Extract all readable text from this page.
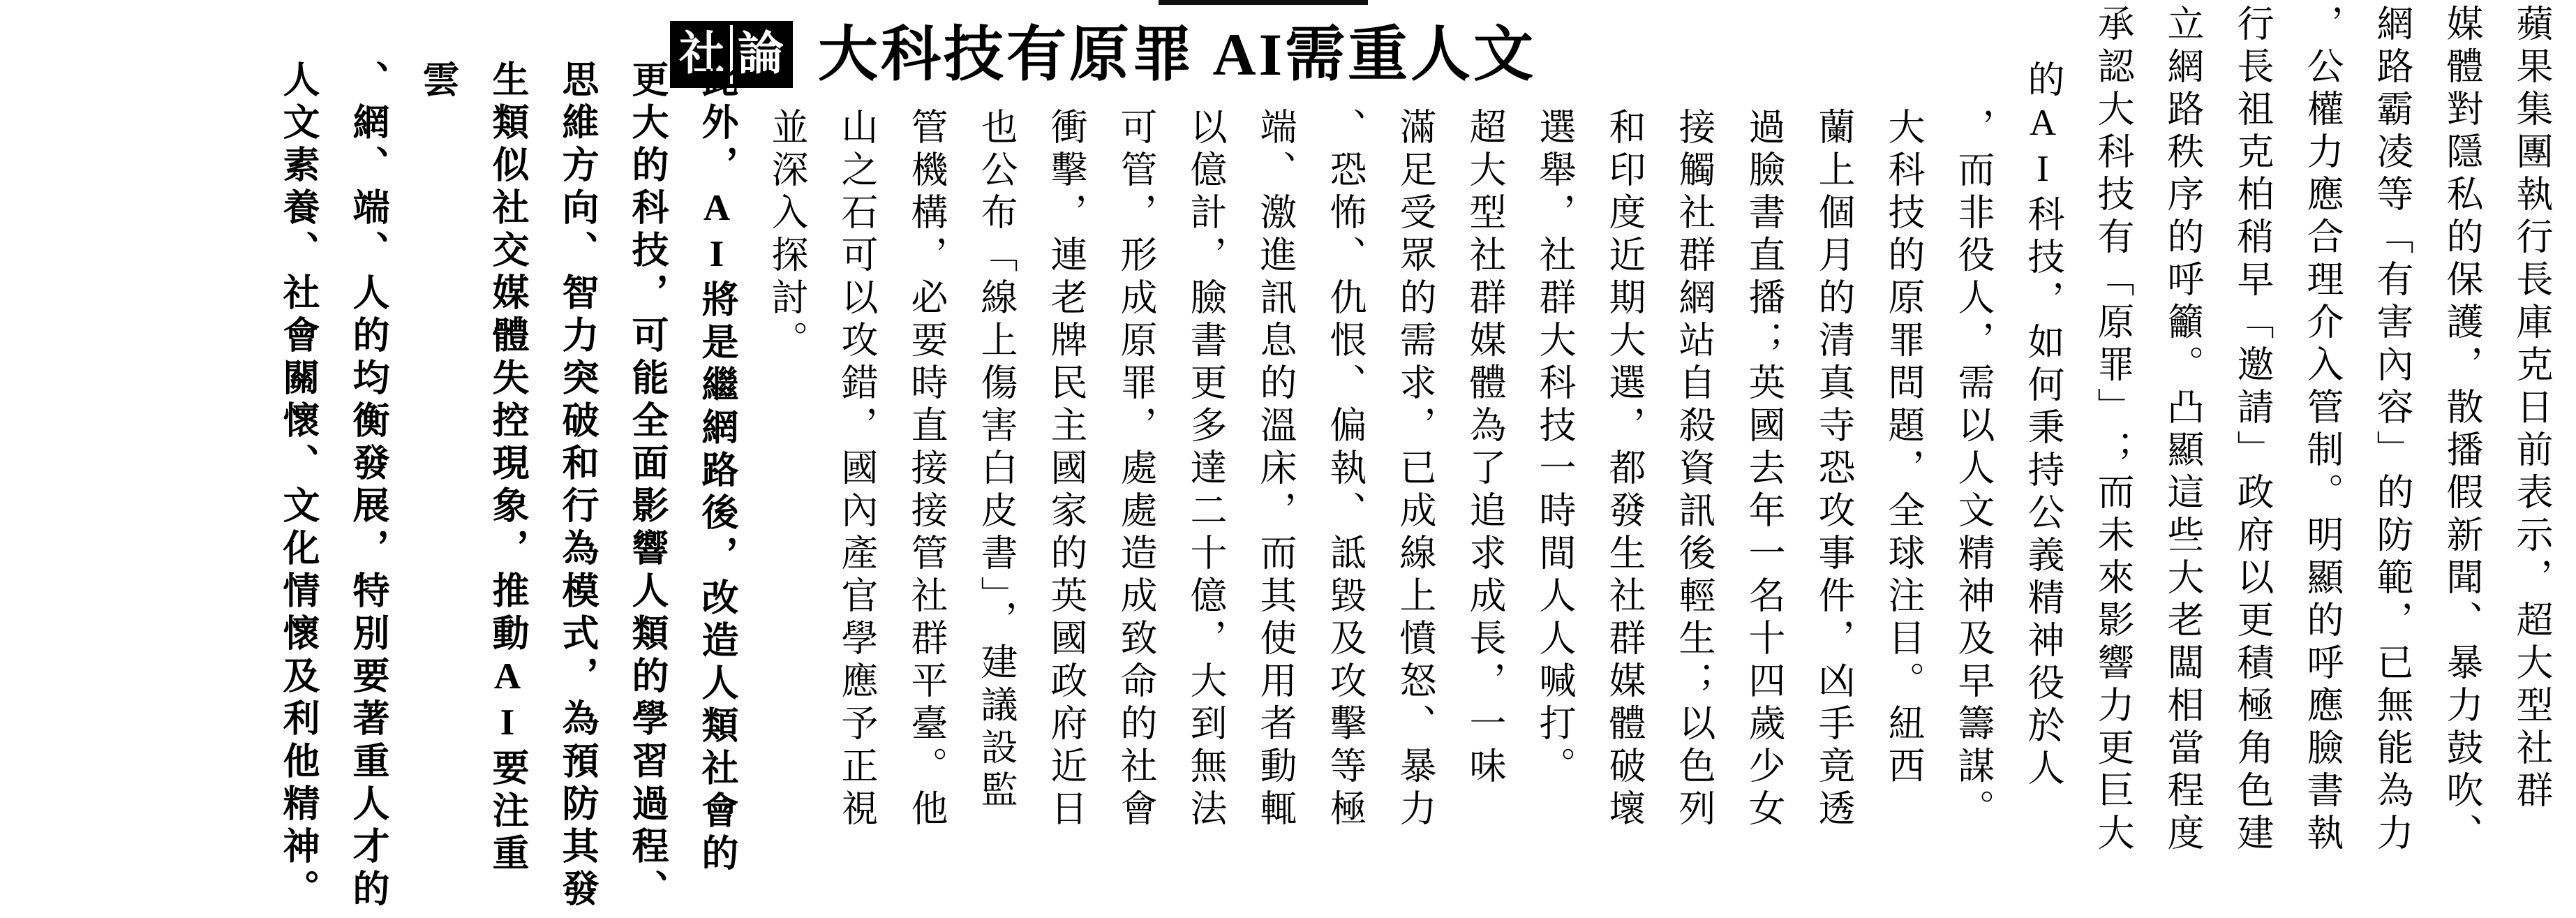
社 論 大科技有原罪 AI需重人文	蘋果集團執行長庫克日前表示，超大型社群
媒體對隱私的保護，散播假新聞、暴力鼓吹、
網路霸凌等「有害內容」的防範，已無能為力
，公權力應合理介入管制。明顯的呼應臉書執
行長祖克柏稍早「邀請」政府以更積極角色建
立網路秩序的呼籲。凸顯這些大老闆相當程度
承認大科技有「原罪」；而未來影響力更巨大
的AI科技，如何秉持公義精神役於人
，而非役人，需以人文精神及早籌謀。
大科技的原罪問題，全球注目。紐西
蘭上個月的清真寺恐攻事件，凶手竟透
過臉書直播；英國去年一名十四歲少女
接觸社群網站自殺資訊後輕生；以色列
和印度近期大選，都發生社群媒體破壞
選舉，社群大科技一時間人人喊打。
超大型社群媒體為了追求成長，一味
滿足受眾的需求，已成線上憤怒、暴力
、恐怖、仇恨、偏執、詆毀及攻擊等極
端、激進訊息的溫床，而其使用者動輒
以億計，臉書更多達二十億，大到無法
可管，形成原罪，處處造成致命的社會
衝擊，連老牌民主國家的英國政府近日
也公布「線上傷害白皮書」，建議設監
管機構，必要時直接接管社群平臺。他
山之石可以攻錯，國內產官學應予正視
並深入探討。
此外，AI將是繼網路後，改造人類社會的
更大的科技，可能全面影響人類的學習過程、
思維方向、智力突破和行為模式，為預防其發
生類似社交媒體失控現象，推動AI要注重雲
、網、端、人的均衡發展，特別要著重人才的
人文素養、社會關懷、文化情懷及利他精神。
